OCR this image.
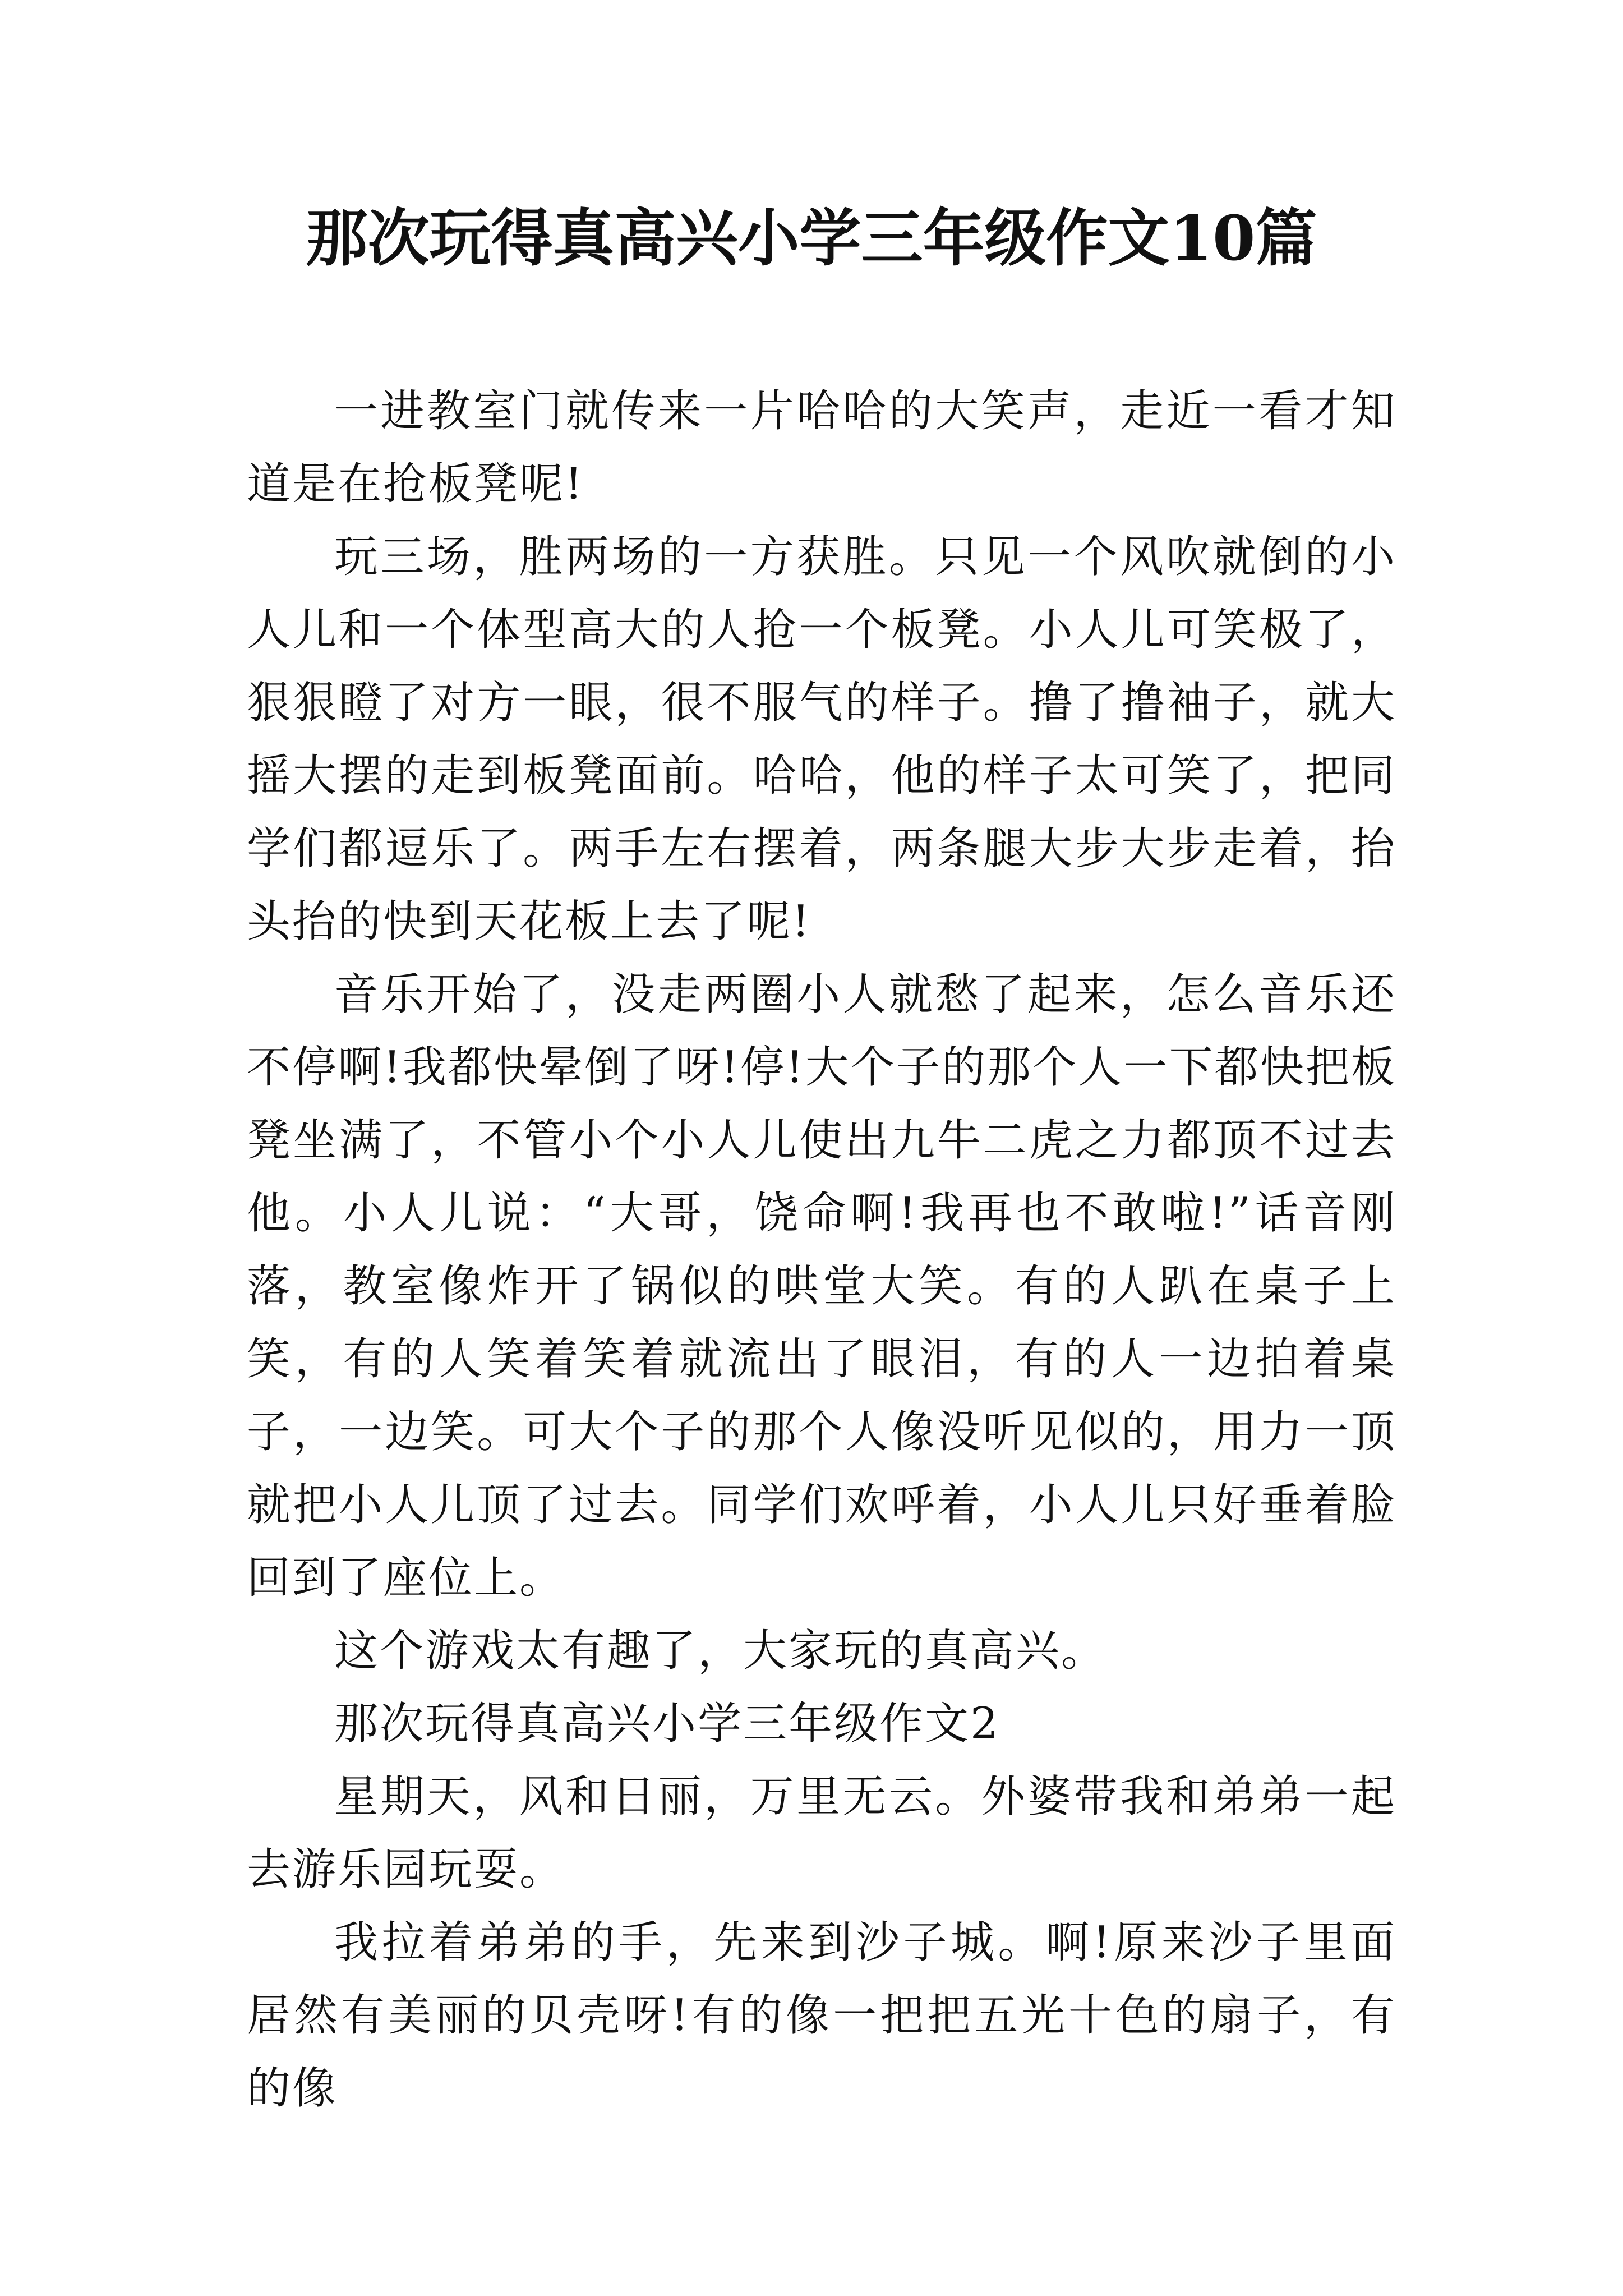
那次玩得真高兴小学三年级作文10篇

一进教室门就传来一片哈哈的大笑声，走近一看才知道是在抢板凳呢!

玩三场，胜两场的一方获胜。只见一个风吹就倒的小人儿和一个体型高大的人抢一个板凳。小人儿可笑极了，狠狠瞪了对方一眼，很不服气的样子。撸了撸袖子，就大摇大摆的走到板凳面前。哈哈，他的样子太可笑了，把同学们都逗乐了。两手左右摆着，两条腿大步大步走着，抬头抬的快到天花板上去了呢!

音乐开始了，没走两圈小人就愁了起来，怎么音乐还不停啊!我都快晕倒了呀!停!大个子的那个人一下都快把板凳坐满了，不管小个小人儿使出九牛二虎之力都顶不过去他。小人儿说：“大哥，饶命啊!我再也不敢啦!”话音刚落，教室像炸开了锅似的哄堂大笑。有的人趴在桌子上笑，有的人笑着笑着就流出了眼泪，有的人一边拍着桌子，一边笑。可大个子的那个人像没听见似的，用力一顶就把小人儿顶了过去。同学们欢呼着，小人儿只好垂着脸回到了座位上。

这个游戏太有趣了，大家玩的真高兴。

那次玩得真高兴小学三年级作文2

星期天，风和日丽，万里无云。外婆带我和弟弟一起去游乐园玩耍。

我拉着弟弟的手，先来到沙子城。啊!原来沙子里面居然有美丽的贝壳呀!有的像一把把五光十色的扇子，有的像
